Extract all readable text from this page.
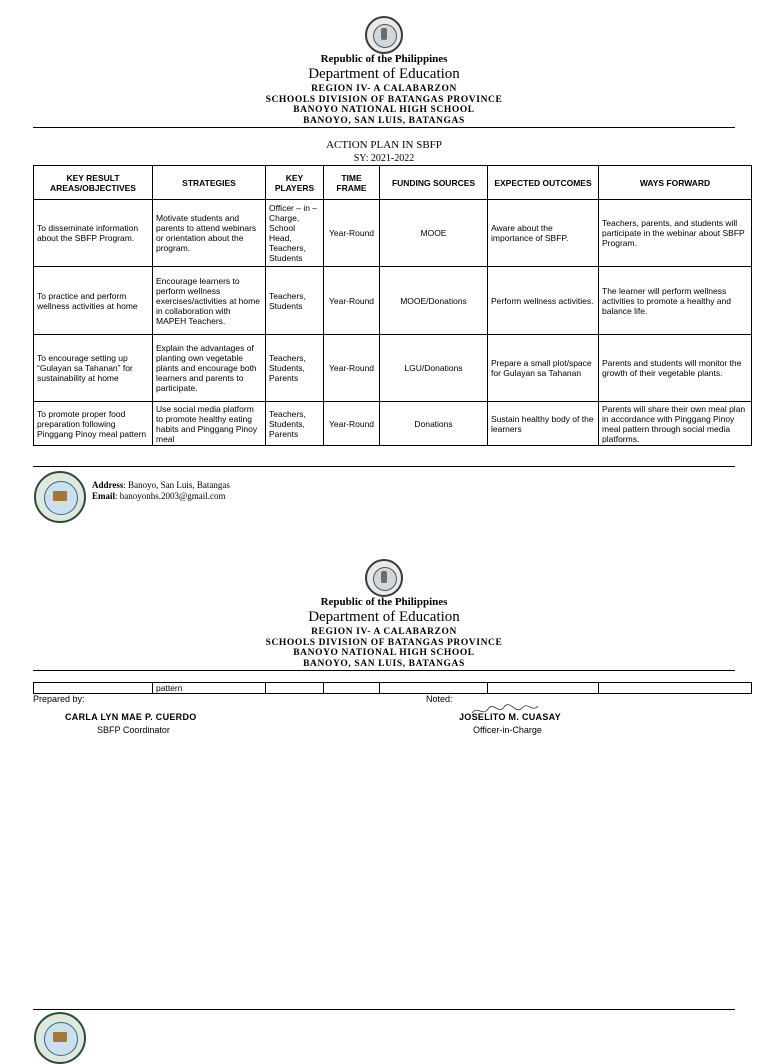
Republic of the Philippines
Department of Education
REGION IV- A CALABARZON
SCHOOLS DIVISION OF BATANGAS PROVINCE
BANOYO NATIONAL HIGH SCHOOL
BANOYO, SAN LUIS, BATANGAS
ACTION PLAN IN SBFP
SY: 2021-2022
KEY RESULT AREAS/OBJECTIVES	STRATEGIES	KEY PLAYERS	TIME FRAME	FUNDING SOURCES	EXPECTED OUTCOMES	WAYS FORWARD
To disseminate information about the SBFP Program.	Motivate students and parents to attend webinars or orientation about the program.	Officer – in – Charge, School Head, Teachers, Students	Year-Round	MOOE	Aware about the importance of SBFP.	Teachers, parents, and students will participate in the webinar about SBFP Program.
To practice and perform wellness activities at home	Encourage learners to perform wellness exercises/activities at home in collaboration with MAPEH Teachers.	Teachers, Students	Year-Round	MOOE/Donations	Perform wellness activities.	The learner will perform wellness activities to promote a healthy and balance life.
To encourage setting up “Gulayan sa Tahanan” for sustainability at home	Explain the advantages of planting own vegetable plants and encourage both learners and parents to participate.	Teachers, Students, Parents	Year-Round	LGU/Donations	Prepare a small plot/space for Gulayan sa Tahanan	Parents and students will monitor the growth of their vegetable plants.
To promote proper food preparation following Pinggang Pinoy meal pattern	Use social media platform to promote healthy eating habits and Pinggang Pinoy meal	Teachers, Students, Parents	Year-Round	Donations	Sustain healthy body of the learners	Parents will share their own meal plan in accordance with Pinggang Pinoy meal pattern through social media platforms.
Address: Banoyo, San Luis, Batangas
Email: banoyonhs.2003@gmail.com
Republic of the Philippines
Department of Education
REGION IV- A CALABARZON
SCHOOLS DIVISION OF BATANGAS PROVINCE
BANOYO NATIONAL HIGH SCHOOL
BANOYO, SAN LUIS, BATANGAS
	pattern					
Prepared by:
CARLA LYN MAE P. CUERDO
SBFP Coordinator
Noted:
JOSELITO M. CUASAY
Officer-in-Charge
